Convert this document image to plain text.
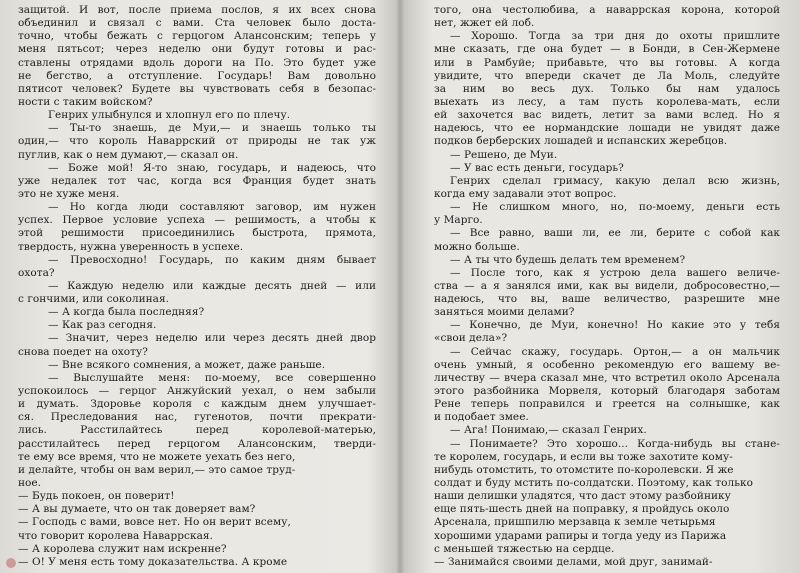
защитой. И вот, после приема послов, я их всех снова
объединил и связал с вами. Ста человек было доста-
точно, чтобы бежать с герцогом Алансонским; теперь у
меня пятьсот; через неделю они будут готовы и рас-
ставлены отрядами вдоль дороги на По. Это будет уже
не бегство, а отступление. Государь! Вам довольно
пятисот человек? Будете вы чувствовать себя в безопас-
ности с таким войском?
Генрих улыбнулся и хлопнул его по плечу.
— Ты-то знаешь, де Муи,— и знаешь только ты
один,— что король Наваррский от природы не так уж
пуглив, как о нем думают,— сказал он.
— Боже мой! Я-то знаю, государь, и надеюсь, что
уже недалек тот час, когда вся Франция будет знать
это не хуже меня.
— Но когда люди составляют заговор, им нужен
успех. Первое условие успеха — решимость, а чтобы к
этой решимости присоединились быстрота, прямота,
твердость, нужна уверенность в успехе.
— Превосходно! Государь, по каким дням бывает
охота?
— Каждую неделю или каждые десять дней — или
с гончими, или соколиная.
— А когда была последняя?
— Как раз сегодня.
— Значит, через неделю или через десять дней двор
снова поедет на охоту?
— Вне всякого сомнения, а может, даже раньше.
— Выслушайте меня: по-моему, все совершенно
успокоилось — герцог Анжуйский уехал, о нем забыли
и думать. Здоровье короля с каждым днем улучшает-
ся. Преследования нас, гугенотов, почти прекрати-
лись. Расстилайтесь перед королевой-матерью,
расстилайтесь перед герцогом Алансонским, тверди-
те ему все время, что не можете уехать без него,
и делайте, чтобы он вам верил,— это самое труд-
ное.
— Будь покоен, он поверит!
— А вы думаете, что он так доверяет вам?
— Господь с вами, вовсе нет. Но он верит всему,
что говорит королева Наваррская.
— А королева служит нам искренне?
— О! У меня есть тому доказательства. А кроме
того, она честолюбива, а наваррская корона, которой
нет, жжет ей лоб.
— Хорошо. Тогда за три дня до охоты пришлите
мне сказать, где она будет — в Бонди, в Сен-Жермене
или в Рамбуйе; прибавьте, что вы готовы. А когда
увидите, что впереди скачет де Ла Моль, следуйте
за ним во весь дух. Только бы нам удалось
выехать из лесу, а там пусть королева-мать, если
ей захочется вас видеть, летит за вами вслед. Но я
надеюсь, что ее нормандские лошади не увидят даже
подков берберских лошадей и испанских жеребцов.
— Решено, де Муи.
— У вас есть деньги, государь?
Генрих сделал гримасу, какую делал всю жизнь,
когда ему задавали этот вопрос.
— Не слишком много, но, по-моему, деньги есть
у Марго.
— Все равно, ваши ли, ее ли, берите с собой как
можно больше.
— А ты что будешь делать тем временем?
— После того, как я устрою дела вашего величе-
ства — а я занялся ими, как вы видели, добросовестно,—
надеюсь, что вы, ваше величество, разрешите мне
заняться моими делами?
— Конечно, де Муи, конечно! Но какие это у тебя
«свои дела»?
— Сейчас скажу, государь. Ортон,— а он мальчик
очень умный, я особенно рекомендую его вашему ве-
личеству — вчера сказал мне, что встретил около Арсенала
этого разбойника Морвеля, который благодаря заботам
Рене теперь поправился и греется на солнышке, как
и подобает змее.
— Ага! Понимаю,— сказал Генрих.
— Понимаете? Это хорошо... Когда-нибудь вы стане-
те королем, государь, и если вы тоже захотите кому-
нибудь отомстить, то отомстите по-королевски. Я же
солдат и буду мстить по-солдатски. Поэтому, как только
наши делишки уладятся, что даст этому разбойнику
еще пять-шесть дней на поправку, я пройдусь около
Арсенала, пришпилю мерзавца к земле четырьмя
хорошими ударами рапиры и тогда уеду из Парижа
с меньшей тяжестью на сердце.
— Занимайся своими делами, мой друг, занимай-
